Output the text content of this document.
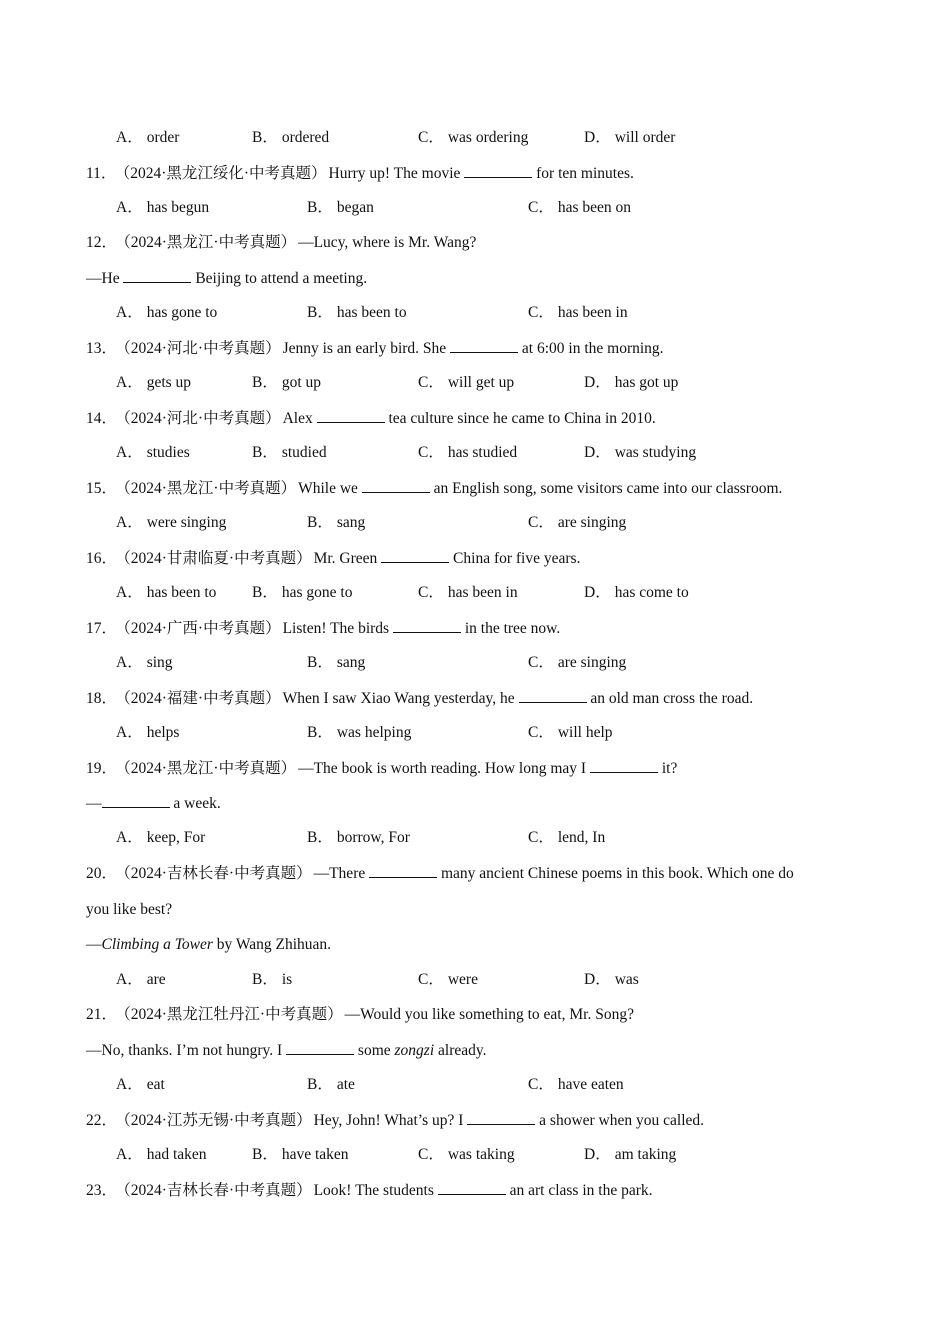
A． order	B． ordered	C． was ordering	D． will order
11． （2024·黑龙江绥化·中考真题） Hurry up! The movie	for ten minutes.
A． has begun	B． began	C． has been on
12． （2024·黑龙江·中考真题） —Lucy, where is Mr. Wang?
—He	Beijing to attend a meeting.
A． has gone to	B． has been to	C． has been in
13． （2024·河北·中考真题） Jenny is an early bird. She	at 6:00 in the morning.
A． gets up	B． got up	C． will get up	D． has got up
14． （2024·河北·中考真题） Alex	tea culture since he came to China in 2010.
A． studies	B． studied	C． has studied	D． was studying
15． （2024·黑龙江·中考真题） While we	an English song, some visitors came into our classroom.
A． were singing	B． sang	C． are singing
16． （2024·甘肃临夏·中考真题） Mr. Green	China for five years.
A． has been to B． has gone to	C． has been in	D． has come to
17． （2024·广西·中考真题） Listen! The birds	in the tree now.
A． sing	B． sang	C． are singing
18． （2024·福建·中考真题） When I saw Xiao Wang yesterday, he	an old man cross the road.
A． helps	B． was helping	C． will help
19． （2024·黑龙江·中考真题） —The book is worth reading. How long may I	it?
—	a week.
A． keep, For	B． borrow, For	C． lend, In
20． （2024·吉林长春·中考真题） —There	many ancient Chinese poems in this book. Which one do
you like best?
—Climbing a Tower by Wang Zhihuan.
A． are	B． is	C． were	D． was
21． （2024·黑龙江牡丹江·中考真题） —Would you like something to eat, Mr. Song?
—No, thanks. I’m not hungry. I	some zongzi already.
A． eat	B． ate	C． have eaten
22． （2024·江苏无锡·中考真题） Hey, John! What’s up? I	a shower when you called.
A． had taken	B． have taken	C． was taking	D． am taking
23． （2024·吉林长春·中考真题） Look! The students	an art class in the park.
